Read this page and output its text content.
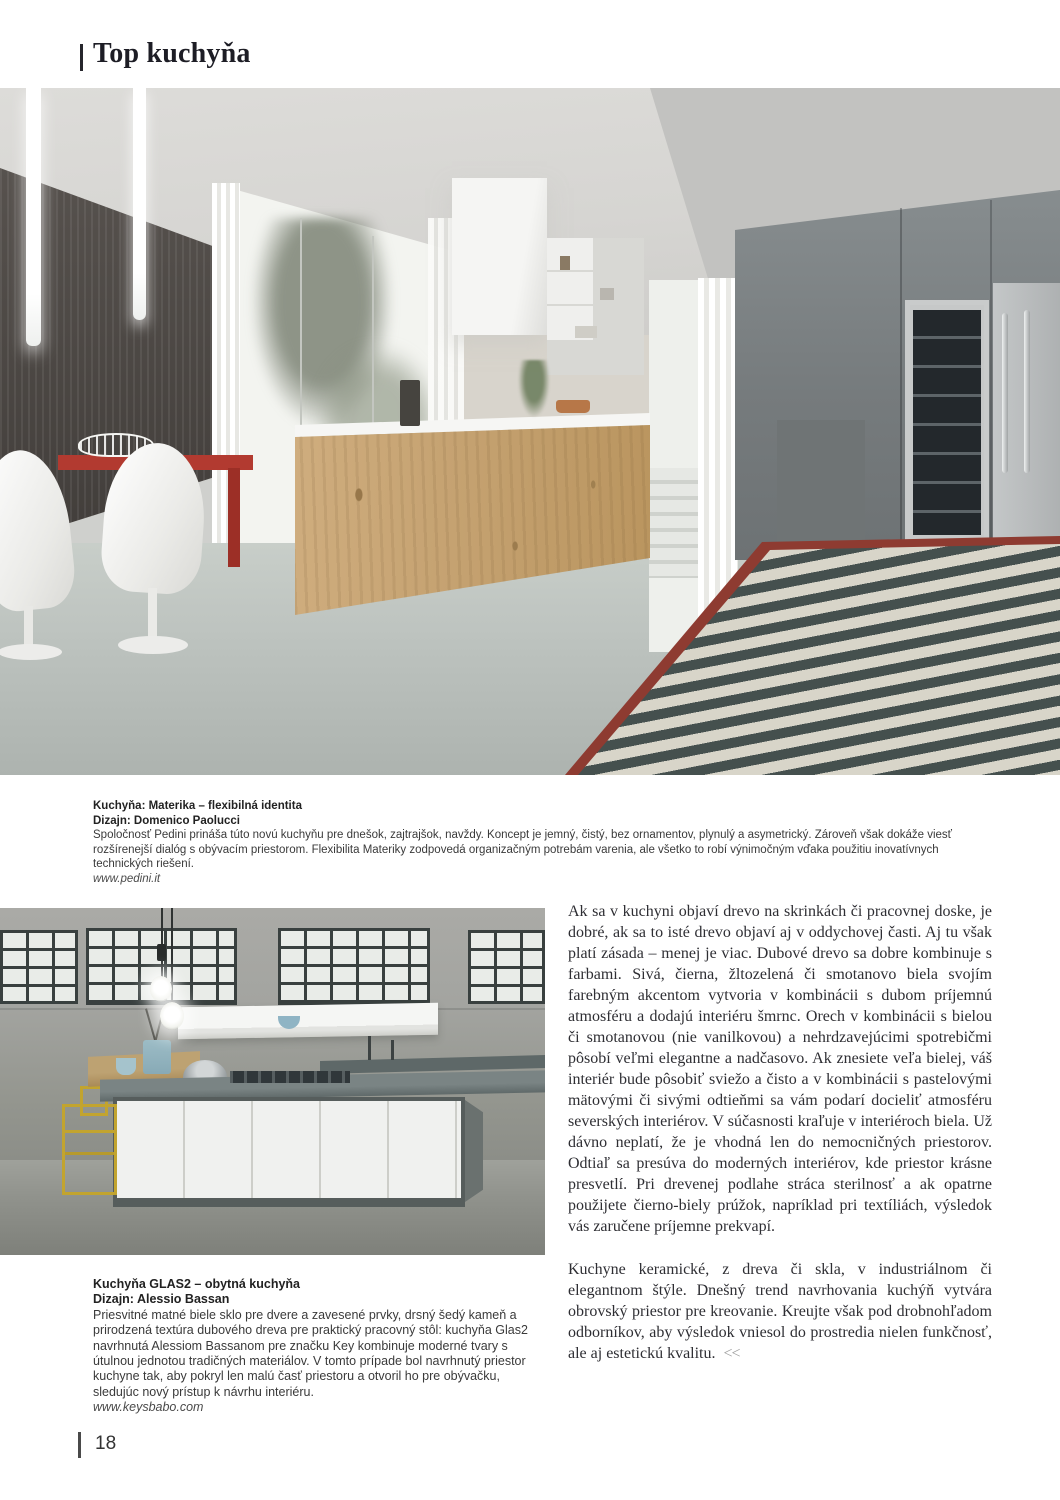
Top kuchyňa

Kuchyňa: Materika – flexibilná identita

Dizajn: Domenico Paolucci

Spoločnosť Pedini prináša túto novú kuchyňu pre dnešok, zajtrajšok, navždy. Koncept je jemný, čistý, bez ornamentov, plynulý a asymetrický. Zároveň však dokáže viesť rozšírenejší dialóg s obývacím priestorom. Flexibilita Materiky zodpovedá organizačným potrebám varenia, ale všetko to robí výnimočným vďaka použitiu inovatívnych technických riešení.

www.pedini.it

Kuchyňa GLAS2 – obytná kuchyňa

Dizajn: Alessio Bassan

Priesvitné matné biele sklo pre dvere a zavesené prvky, drsný šedý kameň a prirodzená textúra dubového dreva pre praktický pracovný stôl: kuchyňa Glas2 navrhnutá Alessiom Bassanom pre značku Key kombinuje moderné tvary s útulnou jednotou tradičných materiálov. V tomto prípade bol navrhnutý priestor kuchyne tak, aby pokryl len malú časť priestoru a otvoril ho pre obývačku, sledujúc nový prístup k návrhu interiéru.

www.keysbabo.com

Ak sa v kuchyni objaví drevo na skrinkách či pracovnej doske, je dobré, ak sa to isté drevo objaví aj v oddychovej časti. Aj tu však platí zásada – menej je viac. Dubové drevo sa dobre kombinuje s farbami. Sivá, čierna, žltozelená či smotanovo biela svojím farebným akcentom vytvoria v kombinácii s dubom príjemnú atmosféru a dodajú interiéru šmrnc. Orech v kombinácii s bielou či smotanovou (nie vanilkovou) a nehrdzavejúcimi spotrebičmi pôsobí veľmi elegantne a nadčasovo. Ak znesiete veľa bielej, váš interiér bude pôsobiť sviežo a čisto a v kombinácii s pastelovými mätovými či sivými odtieňmi sa vám podarí docieliť atmosféru severských interiérov. V súčasnosti kraľuje v interiéroch biela. Už dávno neplatí, že je vhodná len do nemocničných priestorov. Odtiaľ sa presúva do moderných interiérov, kde priestor krásne presvetlí. Pri drevenej podlahe stráca sterilnosť a ak opatrne použijete čierno-biely prúžok, napríklad pri textíliách, výsledok vás zaručene príjemne prekvapí.

Kuchyne keramické, z dreva či skla, v industriálnom či elegantnom štýle. Dnešný trend navrhovania kuchýň vytvára obrovský priestor pre kreovanie. Kreujte však pod drobnohľadom odborníkov, aby výsledok vniesol do prostredia nielen funkčnosť, ale aj estetickú kvalitu. <<

18
